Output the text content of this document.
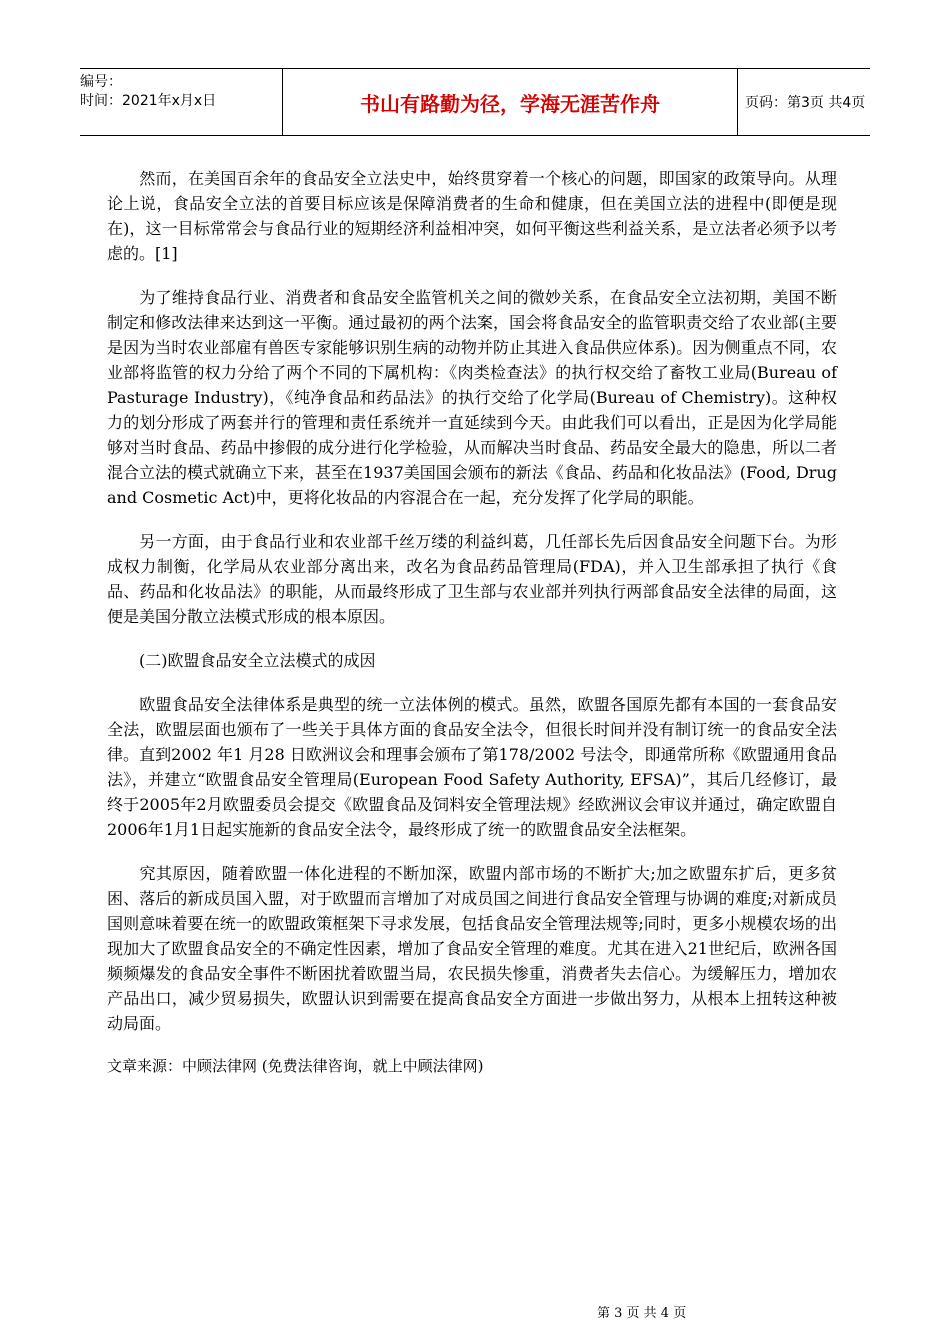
编号：
时间：2021年x月x日	书山有路勤为径，学海无涯苦作舟	页码：第3页 共4页

然而，在美国百余年的食品安全立法史中，始终贯穿着一个核心的问题，即国家的政策导向。从理论上说，食品安全立法的首要目标应该是保障消费者的生命和健康，但在美国立法的进程中(即便是现在)，这一目标常常会与食品行业的短期经济利益相冲突，如何平衡这些利益关系，是立法者必须予以考虑的。[1]

为了维持食品行业、消费者和食品安全监管机关之间的微妙关系，在食品安全立法初期，美国不断制定和修改法律来达到这一平衡。通过最初的两个法案，国会将食品安全的监管职责交给了农业部(主要是因为当时农业部雇有兽医专家能够识别生病的动物并防止其进入食品供应体系)。因为侧重点不同，农业部将监管的权力分给了两个不同的下属机构：《肉类检查法》的执行权交给了畜牧工业局(Bureau of Pasturage Industry)，《纯净食品和药品法》的执行交给了化学局(Bureau of Chemistry)。这种权力的划分形成了两套并行的管理和责任系统并一直延续到今天。由此我们可以看出，正是因为化学局能够对当时食品、药品中掺假的成分进行化学检验，从而解决当时食品、药品安全最大的隐患，所以二者混合立法的模式就确立下来，甚至在1937美国国会颁布的新法《食品、药品和化妆品法》(Food, Drug and Cosmetic Act)中，更将化妆品的内容混合在一起，充分发挥了化学局的职能。

另一方面，由于食品行业和农业部千丝万缕的利益纠葛，几任部长先后因食品安全问题下台。为形成权力制衡，化学局从农业部分离出来，改名为食品药品管理局(FDA)，并入卫生部承担了执行《食品、药品和化妆品法》的职能，从而最终形成了卫生部与农业部并列执行两部食品安全法律的局面，这便是美国分散立法模式形成的根本原因。

(二)欧盟食品安全立法模式的成因

欧盟食品安全法律体系是典型的统一立法体例的模式。虽然，欧盟各国原先都有本国的一套食品安全法，欧盟层面也颁布了一些关于具体方面的食品安全法令，但很长时间并没有制订统一的食品安全法律。直到2002 年1 月28 日欧洲议会和理事会颁布了第178/2002 号法令，即通常所称《欧盟通用食品法》，并建立“欧盟食品安全管理局(European Food Safety Authority, EFSA)”，其后几经修订，最终于2005年2月欧盟委员会提交《欧盟食品及饲料安全管理法规》经欧洲议会审议并通过，确定欧盟自2006年1月1日起实施新的食品安全法令，最终形成了统一的欧盟食品安全法框架。

究其原因，随着欧盟一体化进程的不断加深，欧盟内部市场的不断扩大;加之欧盟东扩后，更多贫困、落后的新成员国入盟，对于欧盟而言增加了对成员国之间进行食品安全管理与协调的难度;对新成员国则意味着要在统一的欧盟政策框架下寻求发展，包括食品安全管理法规等;同时，更多小规模农场的出现加大了欧盟食品安全的不确定性因素，增加了食品安全管理的难度。尤其在进入21世纪后，欧洲各国频频爆发的食品安全事件不断困扰着欧盟当局，农民损失惨重，消费者失去信心。为缓解压力，增加农产品出口，减少贸易损失，欧盟认识到需要在提高食品安全方面进一步做出努力，从根本上扭转这种被动局面。

文章来源：中顾法律网 (免费法律咨询，就上中顾法律网)

第 3 页 共 4 页
